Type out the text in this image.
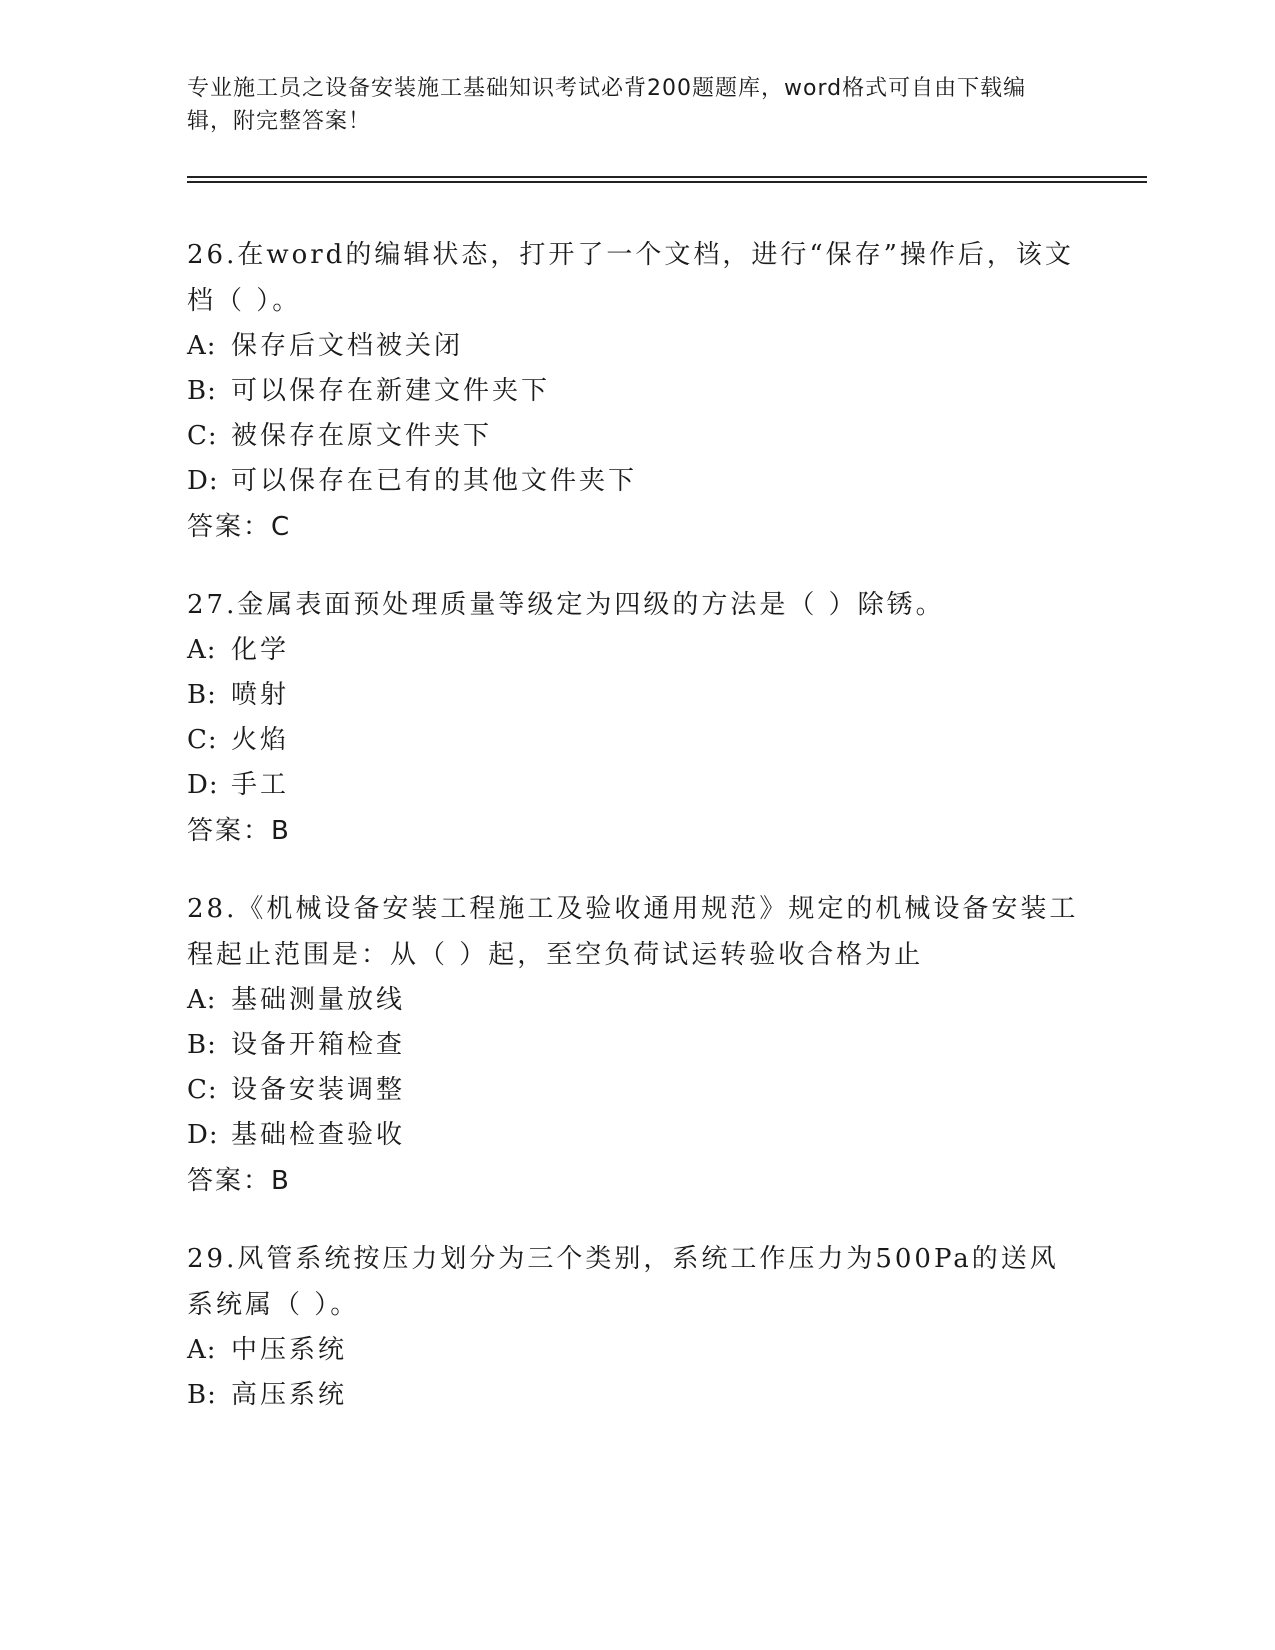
专业施工员之设备安装施工基础知识考试必背200题题库，word格式可自由下载编辑，附完整答案！
26.在word的编辑状态，打开了一个文档，进行“保存”操作后，该文档（ ）。
A: 保存后文档被关闭
B: 可以保存在新建文件夹下
C: 被保存在原文件夹下
D: 可以保存在已有的其他文件夹下
答案：C
27.金属表面预处理质量等级定为四级的方法是（ ）除锈。
A: 化学
B: 喷射
C: 火焰
D: 手工
答案：B
28.《机械设备安装工程施工及验收通用规范》规定的机械设备安装工程起止范围是：从（ ）起，至空负荷试运转验收合格为止
A: 基础测量放线
B: 设备开箱检查
C: 设备安装调整
D: 基础检查验收
答案：B
29.风管系统按压力划分为三个类别，系统工作压力为500Pa的送风系统属（ ）。
A: 中压系统
B: 高压系统
